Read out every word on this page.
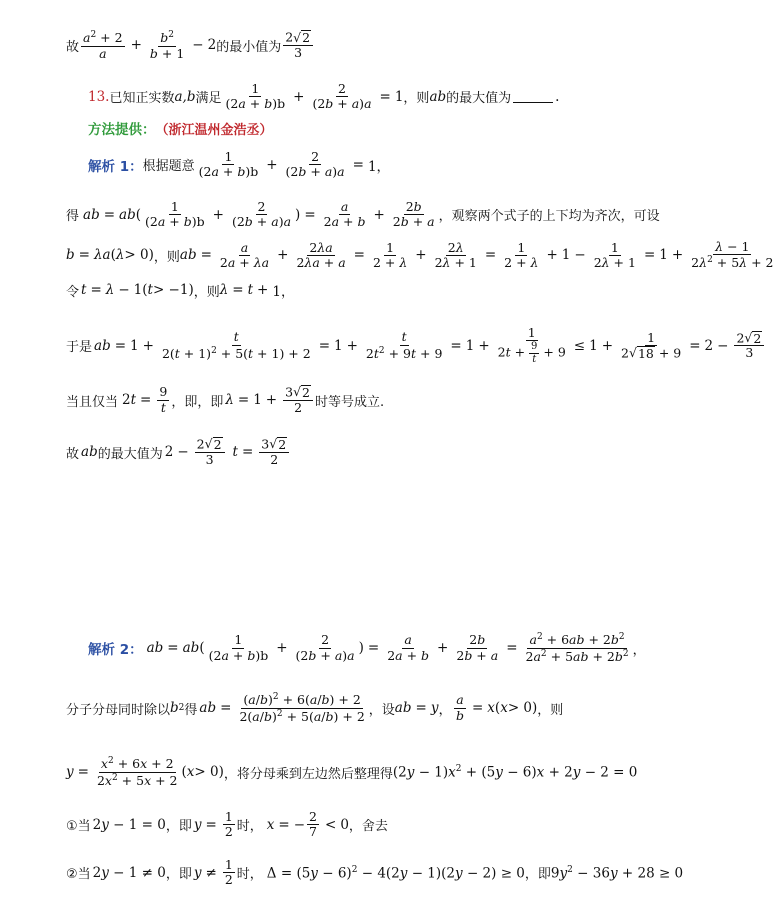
故 $\frac{a^2 + 2}{a} + \frac{b^2}{b + 1} - 2$ 的最小值为 $\frac{2 √ 2}{3}$
13. 已知正实数 a,b 满足 $\frac{1}{(2a + b)b} + \frac{2}{(2b + a)a} = 1$ ，则 ab 的最大值为	.
方法提供： （浙江温州金浩丞）
解析 1： 根据题意 $\frac{1}{(2a + b)b} + \frac{2}{(2b + a)a} = 1$，
得 ab = ab ( $\frac{1}{(2a + b)b} + \frac{2}{(2b + a)a}$ ) = $\frac{a}{2a + b} + \frac{2b}{2b + a}$ ，观察两个式子的上下均为齐次，可设
b = λa ( λ > 0) ，则 ab = $\frac{a}{2a + \lambda a} + \frac{2\lambda a}{2\lambda a + a} = \frac{1}{2 + \lambda} + \frac{2\lambda}{2\lambda + 1} = \frac{1}{2 + \lambda} + 1 - \frac{1}{2\lambda + 1} = 1 + \frac{\lambda - 1}{2\lambda^2 + 5\lambda + 2}$
令 t = λ − 1( t > −1) ，则 λ = t + 1，
于是 ab = $1 + \frac{t}{2(t + 1)^2 + 5(t + 1) + 2} = 1 + \frac{t}{2t^2 + 9t + 9} = 1 + \frac{1}{2t + \frac{9}{t} + 9} \le 1 + \frac{1}{2 √ 18 + 9} = 2 - \frac{2 √ 2}{3}$
当且仅当 $2t = \frac{9}{t}$ ，即，即 $\lambda = 1 + \frac{3 √ 2}{2}$ 时等号成立.
故 ab 的最大值为 $2 - \frac{2 √ 2}{3}$ $t = \frac{3 √ 2}{2}$
解析 2： ab = ab ( $\frac{1}{(2a + b)b} + \frac{2}{(2b + a)a}$ ) = $\frac{a}{2a + b} + \frac{2b}{2b + a} = \frac{a^2 + 6ab + 2b^2}{2a^2 + 5ab + 2b^2}$ ，
分子分母同时除以 b 2 得 ab = $\frac{(a/b)^2 + 6(a/b) + 2}{2(a/b)^2 + 5(a/b) + 2}$ ，设 ab = y ， $\frac{a}{b} = x$ ( x > 0) ，则
$y = \frac{x^2 + 6x + 2}{2x^2 + 5x + 2}$ ( x > 0) ，将分母乘到左边然后整理得 $(2y - 1)x^2 + (5y - 6)x + 2y - 2 = 0$
①当 2y − 1 = 0 ，即 $y = \frac{1}{2}$ 时， x = − $\frac{2}{7} < 0$ ，舍去
②当 2y − 1 ≠ 0 ，即 $y \ne \frac{1}{2}$ 时， $\Delta = (5y - 6)^2 - 4(2y - 1)(2y - 2) \ge 0$ ，即 $9y^2 - 36y + 28 \ge 0$
